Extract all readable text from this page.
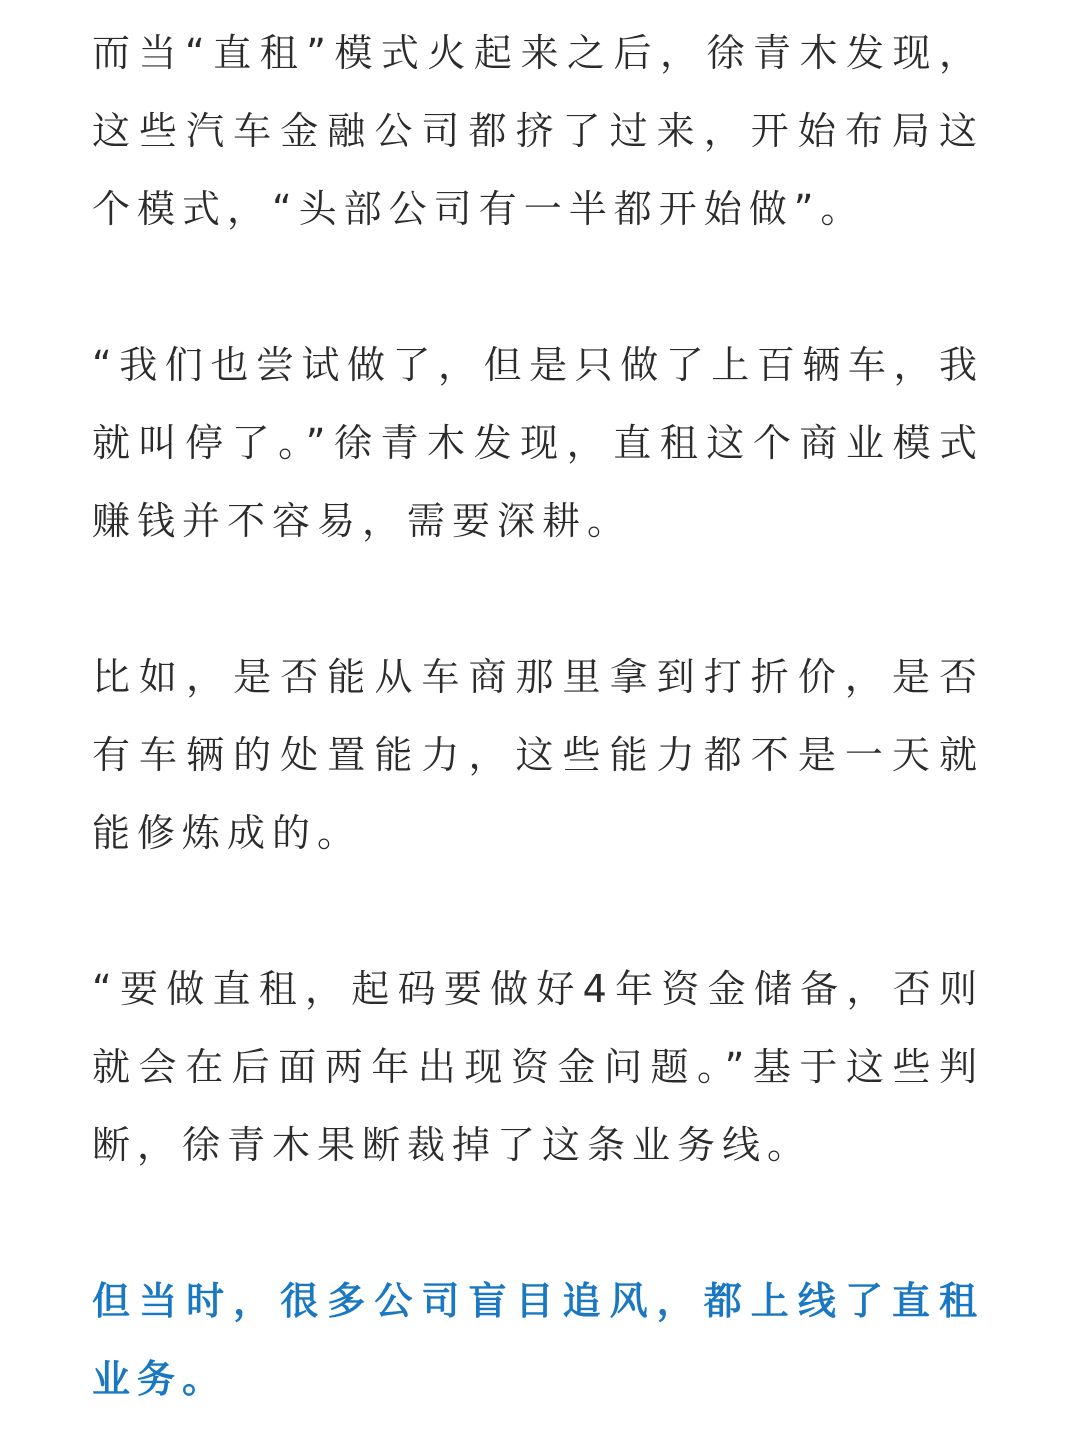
而当“直租”模式火起来之后，徐青木发现，这些汽车金融公司都挤了过来，开始布局这个模式，“头部公司有一半都开始做”。

“我们也尝试做了，但是只做了上百辆车，我就叫停了。”徐青木发现，直租这个商业模式赚钱并不容易，需要深耕。

比如，是否能从车商那里拿到打折价，是否有车辆的处置能力，这些能力都不是一天就能修炼成的。

“要做直租，起码要做好4年资金储备，否则就会在后面两年出现资金问题。”基于这些判断，徐青木果断裁掉了这条业务线。

但当时，很多公司盲目追风，都上线了直租业务。
